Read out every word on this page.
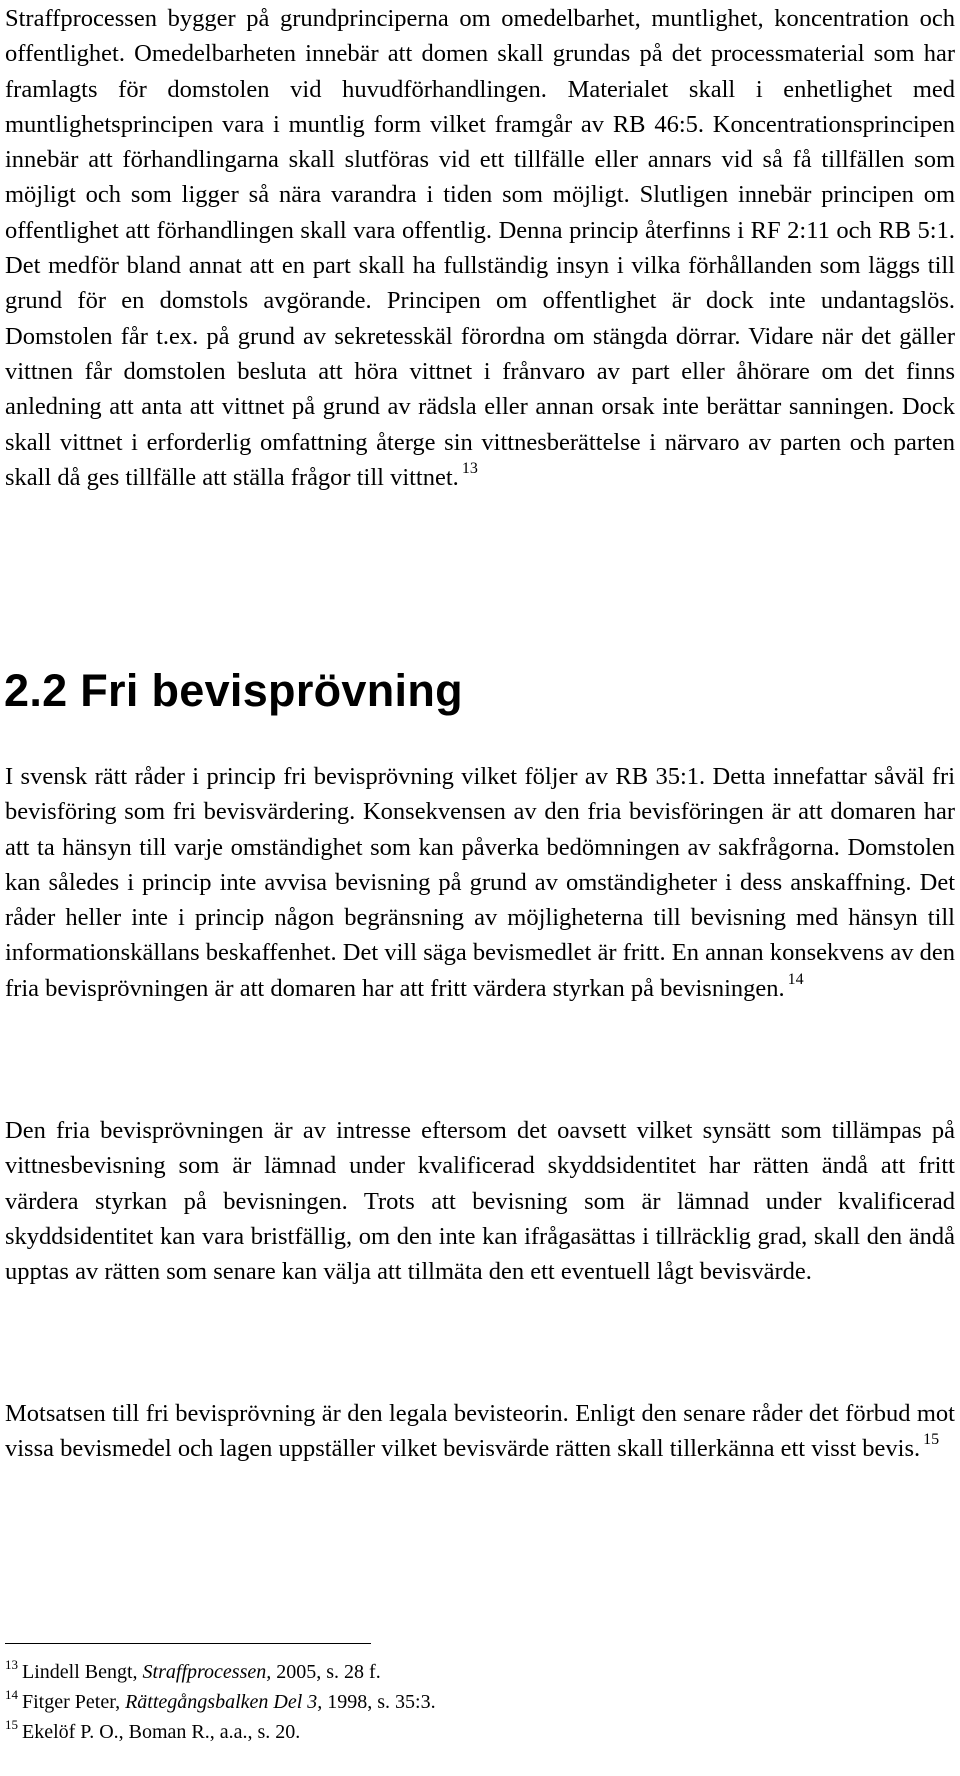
Straffprocessen bygger på grundprinciperna om omedelbarhet, muntlighet, koncentration och offentlighet. Omedelbarheten innebär att domen skall grundas på det processmaterial som har framlagts för domstolen vid huvudförhandlingen. Materialet skall i enhetlighet med muntlighetsprincipen vara i muntlig form vilket framgår av RB 46:5. Koncentrationsprincipen innebär att förhandlingarna skall slutföras vid ett tillfälle eller annars vid så få tillfällen som möjligt och som ligger så nära varandra i tiden som möjligt. Slutligen innebär principen om offentlighet att förhandlingen skall vara offentlig. Denna princip återfinns i RF 2:11 och RB 5:1. Det medför bland annat att en part skall ha fullständig insyn i vilka förhållanden som läggs till grund för en domstols avgörande. Principen om offentlighet är dock inte undantagslös. Domstolen får t.ex. på grund av sekretesskäl förordna om stängda dörrar. Vidare när det gäller vittnen får domstolen besluta att höra vittnet i frånvaro av part eller åhörare om det finns anledning att anta att vittnet på grund av rädsla eller annan orsak inte berättar sanningen. Dock skall vittnet i erforderlig omfattning återge sin vittnesberättelse i närvaro av parten och parten skall då ges tillfälle att ställa frågor till vittnet. $^{13}$

2.2 Fri bevisprövning

I svensk rätt råder i princip fri bevisprövning vilket följer av RB 35:1. Detta innefattar såväl fri bevisföring som fri bevisvärdering. Konsekvensen av den fria bevisföringen är att domaren har att ta hänsyn till varje omständighet som kan påverka bedömningen av sakfrågorna. Domstolen kan således i princip inte avvisa bevisning på grund av omständigheter i dess anskaffning. Det råder heller inte i princip någon begränsning av möjligheterna till bevisning med hänsyn till informationskällans beskaffenhet. Det vill säga bevismedlet är fritt. En annan konsekvens av den fria bevisprövningen är att domaren har att fritt värdera styrkan på bevisningen. $^{14}$

Den fria bevisprövningen är av intresse eftersom det oavsett vilket synsätt som tillämpas på vittnesbevisning som är lämnad under kvalificerad skyddsidentitet har rätten ändå att fritt värdera styrkan på bevisningen. Trots att bevisning som är lämnad under kvalificerad skyddsidentitet kan vara bristfällig, om den inte kan ifrågasättas i tillräcklig grad, skall den ändå upptas av rätten som senare kan välja att tillmäta den ett eventuell lågt bevisvärde.

Motsatsen till fri bevisprövning är den legala bevisteorin. Enligt den senare råder det förbud mot vissa bevismedel och lagen uppställer vilket bevisvärde rätten skall tillerkänna ett visst bevis. $^{15}$

$^{13}$ Lindell Bengt, Straffprocessen, 2005, s. 28 f.

$^{14}$ Fitger Peter, Rättegångsbalken Del 3, 1998, s. 35:3.

$^{15}$ Ekelöf P. O., Boman R., a.a., s. 20.
